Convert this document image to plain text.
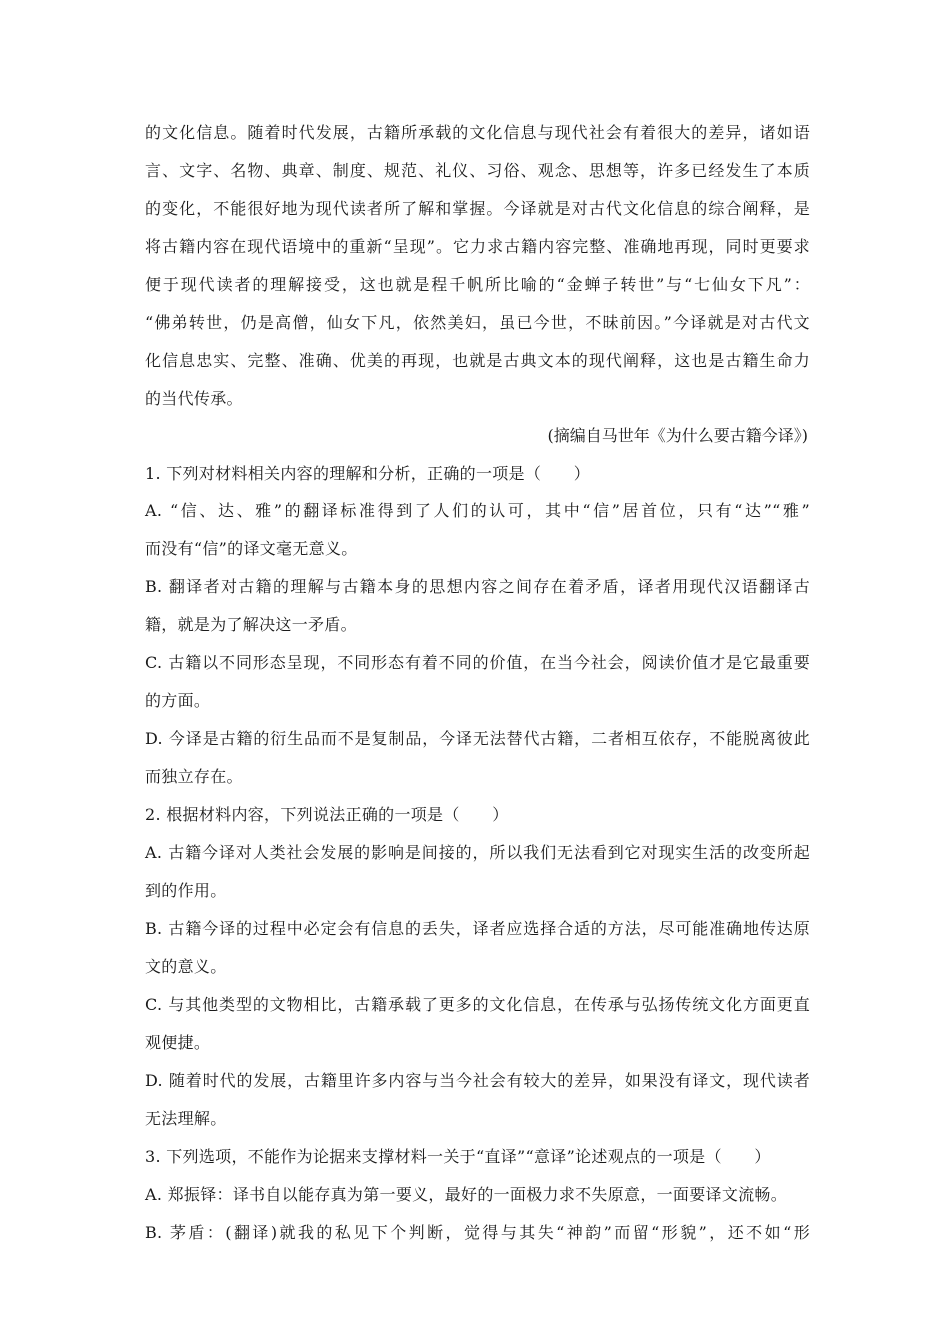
的文化信息。随着时代发展，古籍所承载的文化信息与现代社会有着很大的差异，诸如语
言、文字、名物、典章、制度、规范、礼仪、习俗、观念、思想等，许多已经发生了本质
的变化，不能很好地为现代读者所了解和掌握。今译就是对古代文化信息的综合阐释，是
将古籍内容在现代语境中的重新“呈现”。它力求古籍内容完整、准确地再现，同时更要求
便于现代读者的理解接受，这也就是程千帆所比喻的“金蝉子转世”与“七仙女下凡”：
“佛弟转世，仍是高僧，仙女下凡，依然美妇，虽已今世，不昧前因。”今译就是对古代文
化信息忠实、完整、准确、优美的再现，也就是古典文本的现代阐释，这也是古籍生命力
的当代传承。
(摘编自马世年《为什么要古籍今译》)
1. 下列对材料相关内容的理解和分析，正确的一项是（　　）
A. “信、达、雅”的翻译标准得到了人们的认可，其中“信”居首位，只有“达”“雅”
而没有“信”的译文毫无意义。
B. 翻译者对古籍的理解与古籍本身的思想内容之间存在着矛盾，译者用现代汉语翻译古
籍，就是为了解决这一矛盾。
C. 古籍以不同形态呈现，不同形态有着不同的价值，在当今社会，阅读价值才是它最重要
的方面。
D. 今译是古籍的衍生品而不是复制品，今译无法替代古籍，二者相互依存，不能脱离彼此
而独立存在。
2. 根据材料内容，下列说法正确的一项是（　　）
A. 古籍今译对人类社会发展的影响是间接的，所以我们无法看到它对现实生活的改变所起
到的作用。
B. 古籍今译的过程中必定会有信息的丢失，译者应选择合适的方法，尽可能准确地传达原
文的意义。
C. 与其他类型的文物相比，古籍承载了更多的文化信息，在传承与弘扬传统文化方面更直
观便捷。
D. 随着时代的发展，古籍里许多内容与当今社会有较大的差异，如果没有译文，现代读者
无法理解。
3. 下列选项，不能作为论据来支撑材料一关于“直译”“意译”论述观点的一项是（　　）
A. 郑振铎：译书自以能存真为第一要义，最好的一面极力求不失原意，一面要译文流畅。
B. 茅盾：(翻译)就我的私见下个判断，觉得与其失“神韵”而留“形貌”，还不如“形
